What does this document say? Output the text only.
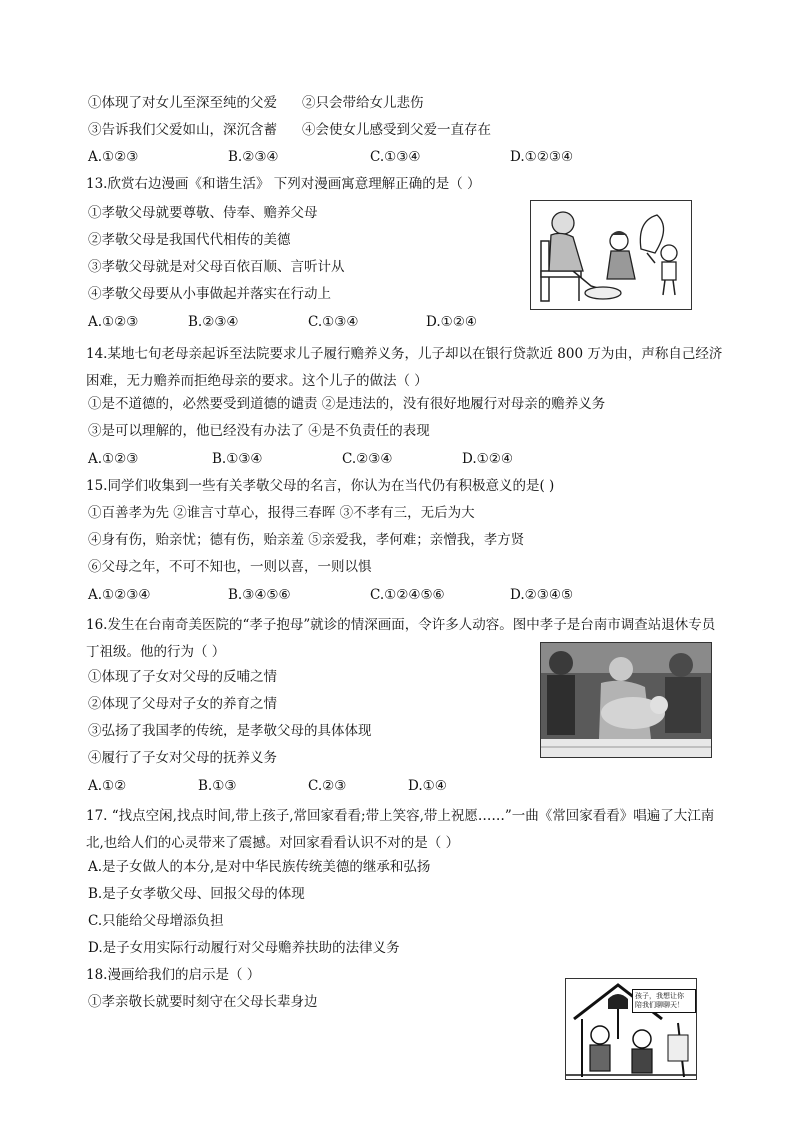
①体现了对女儿至深至纯的父爱 ②只会带给女儿悲伤
③告诉我们父爱如山，深沉含蓄 ④会使女儿感受到父爱一直存在
A.①②③	B.②③④	C.①③④	D.①②③④
13.欣赏右边漫画《和谐生活》 下列对漫画寓意理解正确的是（ ）
①孝敬父母就要尊敬、侍奉、赡养父母
②孝敬父母是我国代代相传的美德
③孝敬父母就是对父母百依百顺、言听计从
④孝敬父母要从小事做起并落实在行动上
A.①②③	B.②③④	C.①③④	D.①②④
14.某地七旬老母亲起诉至法院要求儿子履行赡养义务，儿子却以在银行贷款近 800 万为由，声称自己经济困难，无力赡养而拒绝母亲的要求。这个儿子的做法（ ）
①是不道德的，必然要受到道德的谴责 ②是违法的，没有很好地履行对母亲的赡养义务
③是可以理解的，他已经没有办法了 ④是不负责任的表现
A.①②③	B.①③④	C.②③④	D.①②④
15.同学们收集到一些有关孝敬父母的名言，你认为在当代仍有积极意义的是( )
①百善孝为先 ②谁言寸草心，报得三春晖 ③不孝有三，无后为大
④身有伤，贻亲忧；德有伤，贻亲羞 ⑤亲爱我，孝何难；亲憎我，孝方贤
⑥父母之年，不可不知也，一则以喜，一则以惧
A.①②③④	B.③④⑤⑥	C.①②④⑤⑥	D.②③④⑤
16.发生在台南奇美医院的“孝子抱母”就诊的情深画面，令许多人动容。图中孝子是台南市调查站退休专员丁祖级。他的行为（ ）
①体现了子女对父母的反哺之情
②体现了父母对子女的养育之情
③弘扬了我国孝的传统，是孝敬父母的具体体现
④履行了子女对父母的抚养义务
A.①②	B.①③	C.②③	D.①④
17. “找点空闲,找点时间,带上孩子,常回家看看;带上笑容,带上祝愿……”一曲《常回家看看》唱遍了大江南北,也给人们的心灵带来了震撼。对回家看看认识不对的是（ ）
A.是子女做人的本分,是对中华民族传统美德的继承和弘扬
B.是子女孝敬父母、回报父母的体现
C.只能给父母增添负担
D.是子女用实际行动履行对父母赡养扶助的法律义务
18.漫画给我们的启示是（ ）
①孝亲敬长就要时刻守在父母长辈身边	孩子，我想让你 陪我们聊聊天！
